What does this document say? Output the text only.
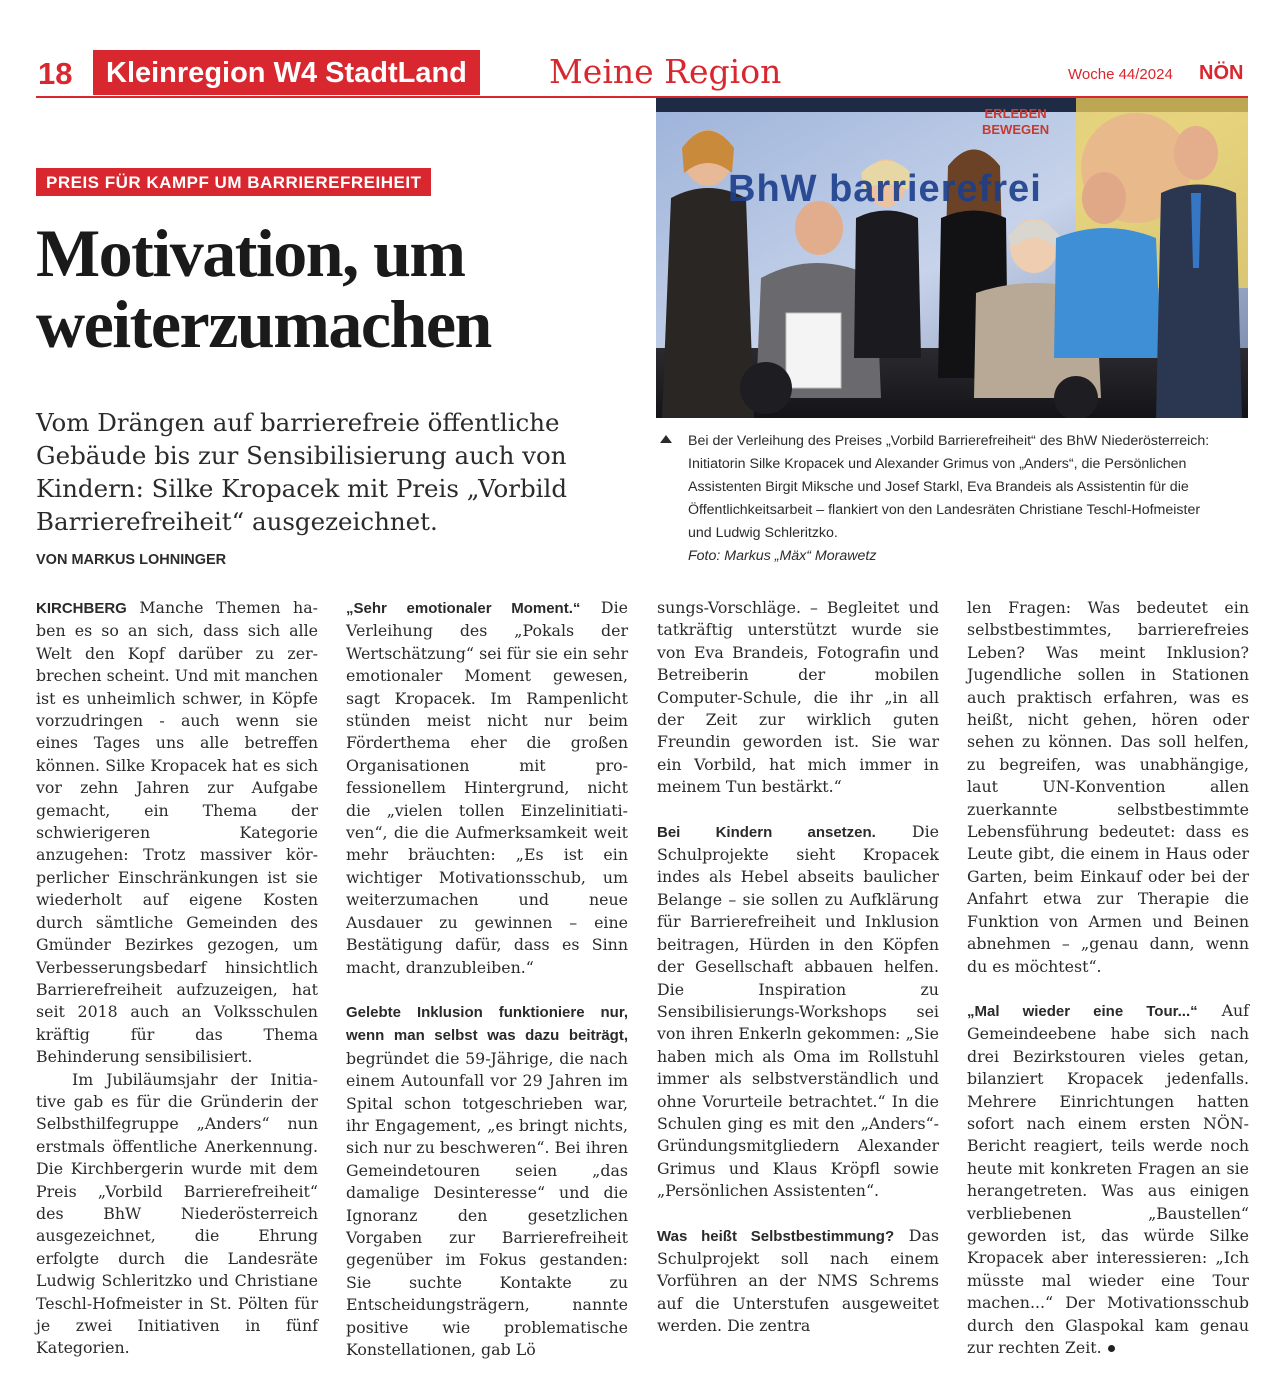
18	Kleinregion W4 StadtLand	Meine Region	Woche 44/2024 NÖN
PREIS FÜR KAMPF UM BARRIEREFREIHEIT
Motivation, um weiterzumachen

Vom Drängen auf barrierefreie öffentliche Gebäude bis zur Sensibilisierung auch von Kindern: Silke Kropacek mit Preis „Vorbild Barrierefreiheit“ ausgezeichnet.

VON MARKUS LOHNINGER
BhW barrierefrei
ERLEBEN
BEWEGEN

Bei der Verleihung des Preises „Vorbild Barrierefreiheit“ des BhW Niederösterreich: Initiatorin Silke Kropacek und Alexander Grimus von „Anders“, die Persönlichen Assistenten Birgit Miksche und Josef Starkl, Eva Brandeis als Assistentin für die Öffentlichkeitsarbeit – flankiert von den Landesräten Christiane Teschl-Hofmeister und Ludwig Schleritzko.

Foto: Markus „Mäx“ Morawetz

KIRCHBERG Manche Themen haben es so an sich, dass sich alle Welt den Kopf darüber zu zerbrechen scheint. Und mit manchen ist es unheimlich schwer, in Köpfe vorzudringen - auch wenn sie eines Tages uns alle betreffen können. Silke Kropacek hat es sich vor zehn Jahren zur Aufgabe gemacht, ein Thema der schwierigeren Kategorie anzugehen: Trotz massiver körperlicher Einschränkungen ist sie wiederholt auf eigene Kosten durch sämtliche Gemeinden des Gmünder Bezirkes gezogen, um Verbesserungsbedarf hinsichtlich Barrierefreiheit aufzuzeigen, hat seit 2018 auch an Volksschulen kräftig für das Thema Behinderung sensibilisiert.

Im Jubiläumsjahr der Initiative gab es für die Gründerin der Selbsthilfegruppe „Anders“ nun erstmals öffentliche Anerkennung. Die Kirchbergerin wurde mit dem Preis „Vorbild Barrierefreiheit“ des BhW Niederösterreich ausgezeichnet, die Ehrung erfolgte durch die Landesräte Ludwig Schleritzko und Christiane Teschl-Hofmeister in St. Pölten für je zwei Initiativen in fünf Kategorien.

„Sehr emotionaler Moment.“ Die Verleihung des „Pokals der Wertschätzung“ sei für sie ein sehr emotionaler Moment gewesen, sagt Kropacek. Im Rampenlicht stünden meist nicht nur beim Förderthema eher die großen Organisationen mit professionellem Hintergrund, nicht die „vielen tollen Einzelinitiativen“, die die Aufmerksamkeit weit mehr bräuchten: „Es ist ein wichtiger Motivationsschub, um weiterzumachen und neue Ausdauer zu gewinnen – eine Bestätigung dafür, dass es Sinn macht, dranzubleiben.“

Gelebte Inklusion funktioniere nur, wenn man selbst was dazu beiträgt, begründet die 59-Jährige, die nach einem Autounfall vor 29 Jahren im Spital schon totgeschrieben war, ihr Engagement, „es bringt nichts, sich nur zu beschweren“. Bei ihren Gemeindetouren seien „das damalige Desinteresse“ und die Ignoranz den gesetzlichen Vorgaben zur Barrierefreiheit gegenüber im Fokus gestanden: Sie suchte Kontakte zu Entscheidungsträgern, nannte positive wie problematische Konstellationen, gab Lö

sungs-Vorschläge. – Begleitet und tatkräftig unterstützt wurde sie von Eva Brandeis, Fotografin und Betreiberin der mobilen Computer-Schule, die ihr „in all der Zeit zur wirklich guten Freundin geworden ist. Sie war ein Vorbild, hat mich immer in meinem Tun bestärkt.“

Bei Kindern ansetzen. Die Schulprojekte sieht Kropacek indes als Hebel abseits baulicher Belange – sie sollen zu Aufklärung für Barrierefreiheit und Inklusion beitragen, Hürden in den Köpfen der Gesellschaft abbauen helfen. Die Inspiration zu Sensibilisierungs-Workshops sei von ihren Enkerln gekommen: „Sie haben mich als Oma im Rollstuhl immer als selbstverständlich und ohne Vorurteile betrachtet.“ In die Schulen ging es mit den „Anders“-Gründungsmitgliedern Alexander Grimus und Klaus Kröpfl sowie „Persönlichen Assistenten“.

Was heißt Selbstbestimmung? Das Schulprojekt soll nach einem Vorführen an der NMS Schrems auf die Unterstufen ausgeweitet werden. Die zentra

len Fragen: Was bedeutet ein selbstbestimmtes, barrierefreies Leben? Was meint Inklusion? Jugendliche sollen in Stationen auch praktisch erfahren, was es heißt, nicht gehen, hören oder sehen zu können. Das soll helfen, zu begreifen, was unabhängige, laut UN-Konvention allen zuerkannte selbstbestimmte Lebensführung bedeutet: dass es Leute gibt, die einem in Haus oder Garten, beim Einkauf oder bei der Anfahrt etwa zur Therapie die Funktion von Armen und Beinen abnehmen – „genau dann, wenn du es möchtest“.

„Mal wieder eine Tour...“ Auf Gemeindeebene habe sich nach drei Bezirkstouren vieles getan, bilanziert Kropacek jedenfalls. Mehrere Einrichtungen hatten sofort nach einem ersten NÖN-Bericht reagiert, teils werde noch heute mit konkreten Fragen an sie herangetreten. Was aus einigen verbliebenen „Baustellen“ geworden ist, das würde Silke Kropacek aber interessieren: „Ich müsste mal wieder eine Tour machen...“ Der Motivationsschub durch den Glaspokal kam genau zur rechten Zeit.
